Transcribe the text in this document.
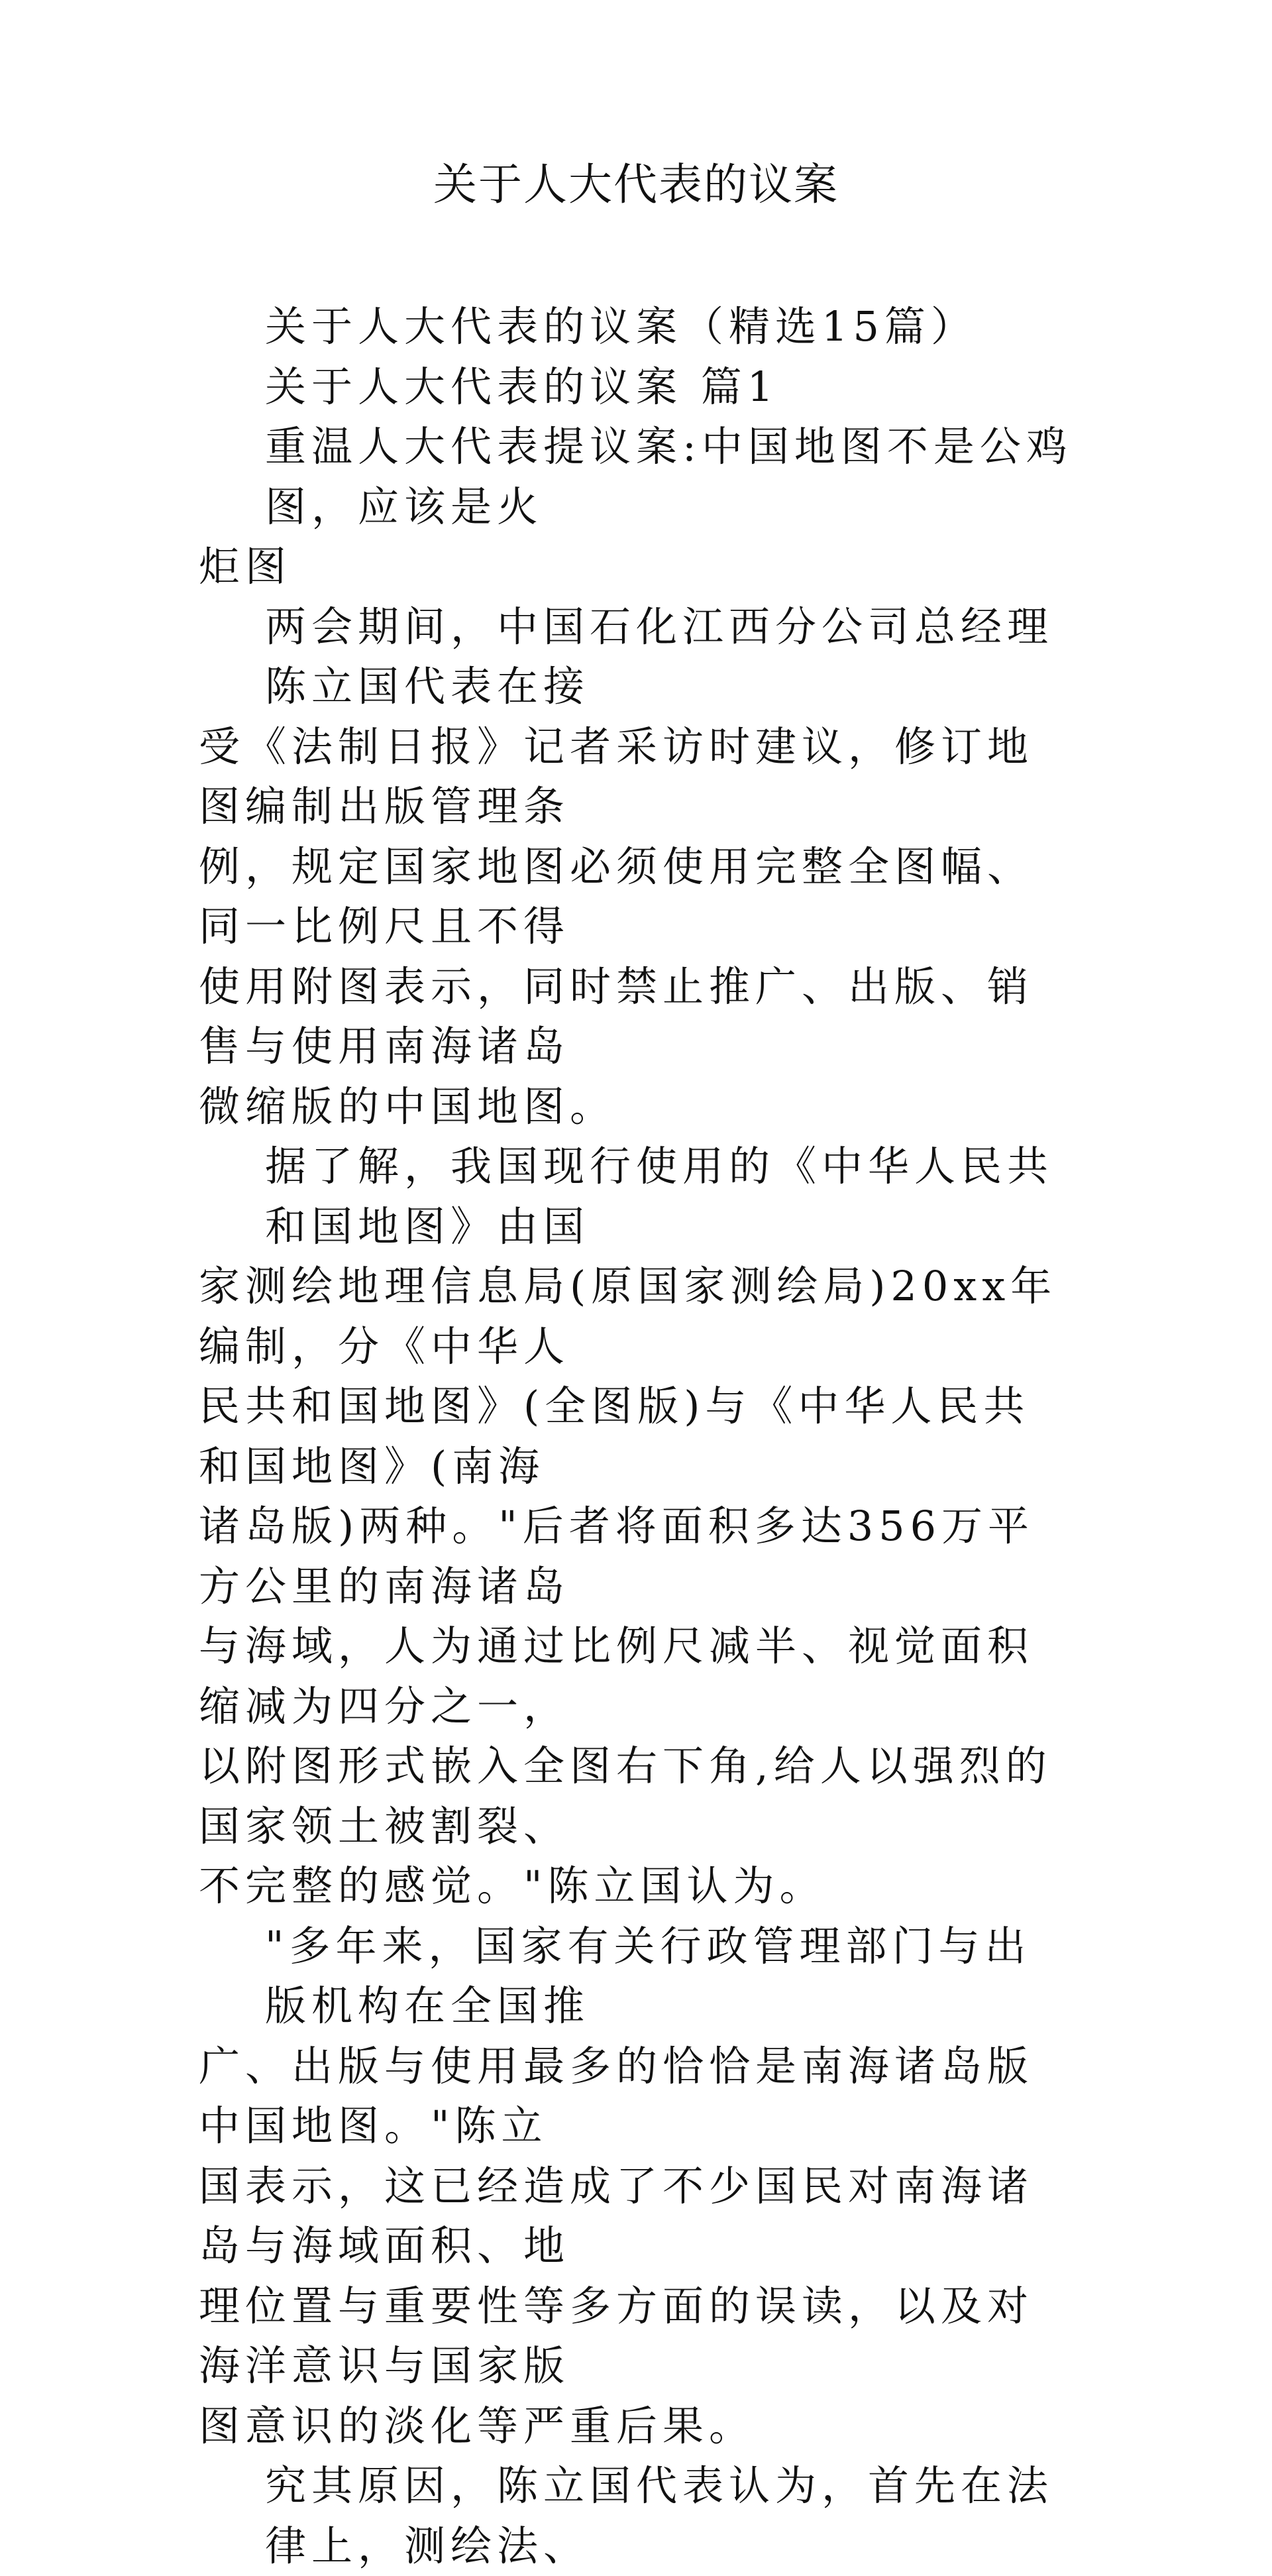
关于人大代表的议案
关于人大代表的议案（精选15篇）
关于人大代表的议案 篇1
重温人大代表提议案:中国地图不是公鸡图，应该是火
炬图
两会期间，中国石化江西分公司总经理陈立国代表在接
受《法制日报》记者采访时建议，修订地图编制出版管理条
例，规定国家地图必须使用完整全图幅、同一比例尺且不得
使用附图表示，同时禁止推广、出版、销售与使用南海诸岛
微缩版的中国地图。
据了解，我国现行使用的《中华人民共和国地图》由国
家测绘地理信息局(原国家测绘局)20xx年编制，分《中华人
民共和国地图》(全图版)与《中华人民共和国地图》(南海
诸岛版)两种。"后者将面积多达356万平方公里的南海诸岛
与海域，人为通过比例尺减半、视觉面积缩减为四分之一，
以附图形式嵌入全图右下角,给人以强烈的国家领土被割裂、
不完整的感觉。"陈立国认为。
"多年来，国家有关行政管理部门与出版机构在全国推
广、出版与使用最多的恰恰是南海诸岛版中国地图。"陈立
国表示，这已经造成了不少国民对南海诸岛与海域面积、地
理位置与重要性等多方面的误读，以及对海洋意识与国家版
图意识的淡化等严重后果。
究其原因，陈立国代表认为，首先在法律上，测绘法、
